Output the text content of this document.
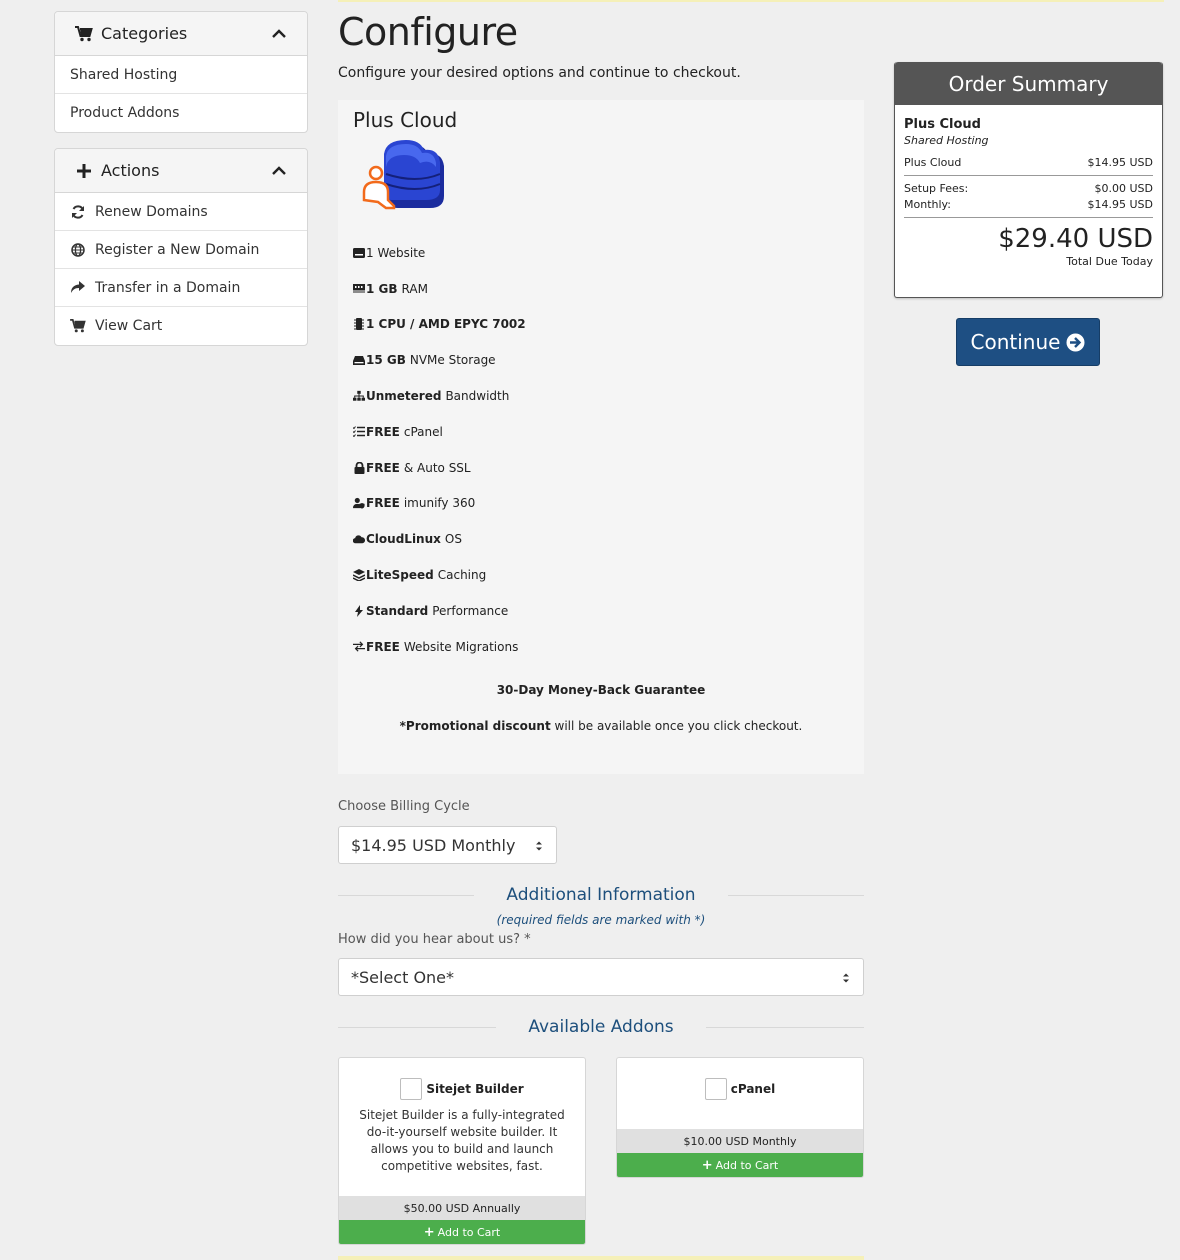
Categories
Shared Hosting
Product Addons
Actions
Renew Domains
Register a New Domain
Transfer in a Domain
View Cart
Configure
Configure your desired options and continue to checkout.
Plus Cloud
1 Website
1 GB RAM
1 CPU / AMD EPYC 7002
15 GB NVMe Storage
Unmetered Bandwidth
FREE cPanel
FREE & Auto SSL
FREE imunify 360
CloudLinux OS
LiteSpeed Caching
Standard Performance
FREE Website Migrations
30-Day Money-Back Guarantee
*Promotional discount will be available once you click checkout.
Choose Billing Cycle
$14.95 USD Monthly
Additional Information
(required fields are marked with *)
How did you hear about us? *
*Select One*
Available Addons
Sitejet Builder
Sitejet Builder is a fully-integrated do-it-yourself website builder. It allows you to build and launch competitive websites, fast.
$50.00 USD Annually
+ Add to Cart
cPanel
$10.00 USD Monthly
+ Add to Cart
Order Summary
Plus Cloud
Shared Hosting
Plus Cloud	$14.95 USD
Setup Fees:	$0.00 USD
Monthly:	$14.95 USD
$29.40 USD
Total Due Today
Continue
